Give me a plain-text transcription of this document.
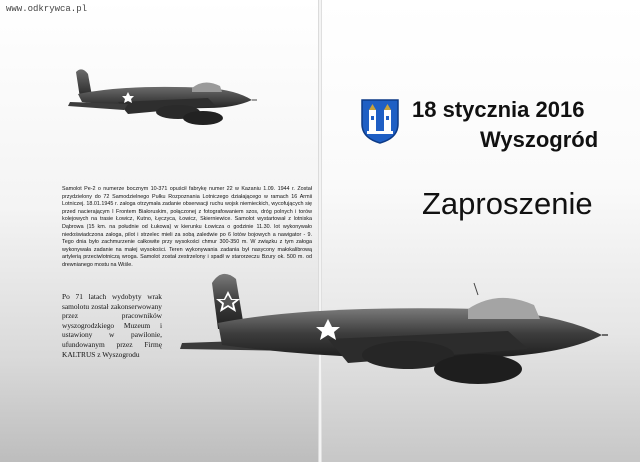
www.odkrywca.pl

Samolot Pe-2 o numerze bocznym 10-371 opuścił fabrykę numer 22 w Kazaniu 1.09. 1944 r. Został przydzielony do 72 Samodzielnego Pułku Rozpoznania Lotniczego działającego w ramach 16 Armii Lotniczej. 18.01.1945 r. załoga otrzymała zadanie obserwacji ruchu wojsk niemieckich, wycofujących się przed nacierającym I Frontem Białoruskim, połączonej z fotografowaniem szos, dróg polnych i torów kolejowych na trasie Łowicz, Kutno, Łęczyca, Łowicz, Skierniewice. Samolot wystartował z lotniska Dąbrowa (15 km. na południe od Łukowa) w kierunku Łowicza o godzinie 11.30. lot wykonywało niedoświadczona załoga, pilot i strzelec mieli za sobą zaledwie po 6 lotów bojowych a nawigator - 9. Tego dnia było zachmurzenie całkowite przy wysokości chmur 300-350 m. W związku z tym załoga wykonywała zadanie na małej wysokości. Teren wykonywania zadania był nasycony małokalibrową artylerią przeciwlotniczą wroga. Samolot został zestrzelony i spadł w starorzeczu Bzury ok. 500 m. od drewnianego mostu na Wiśle.

Po 71 latach wydobyty wrak samolotu został zakonserwowany przez pracowników wyszogrodzkiego Muzeum i ustawiony w pawilonie, ufundowanym przez Firmę KALTRUS z Wyszogrodu

18 stycznia 2016
Wyszogród
Zaproszenie
